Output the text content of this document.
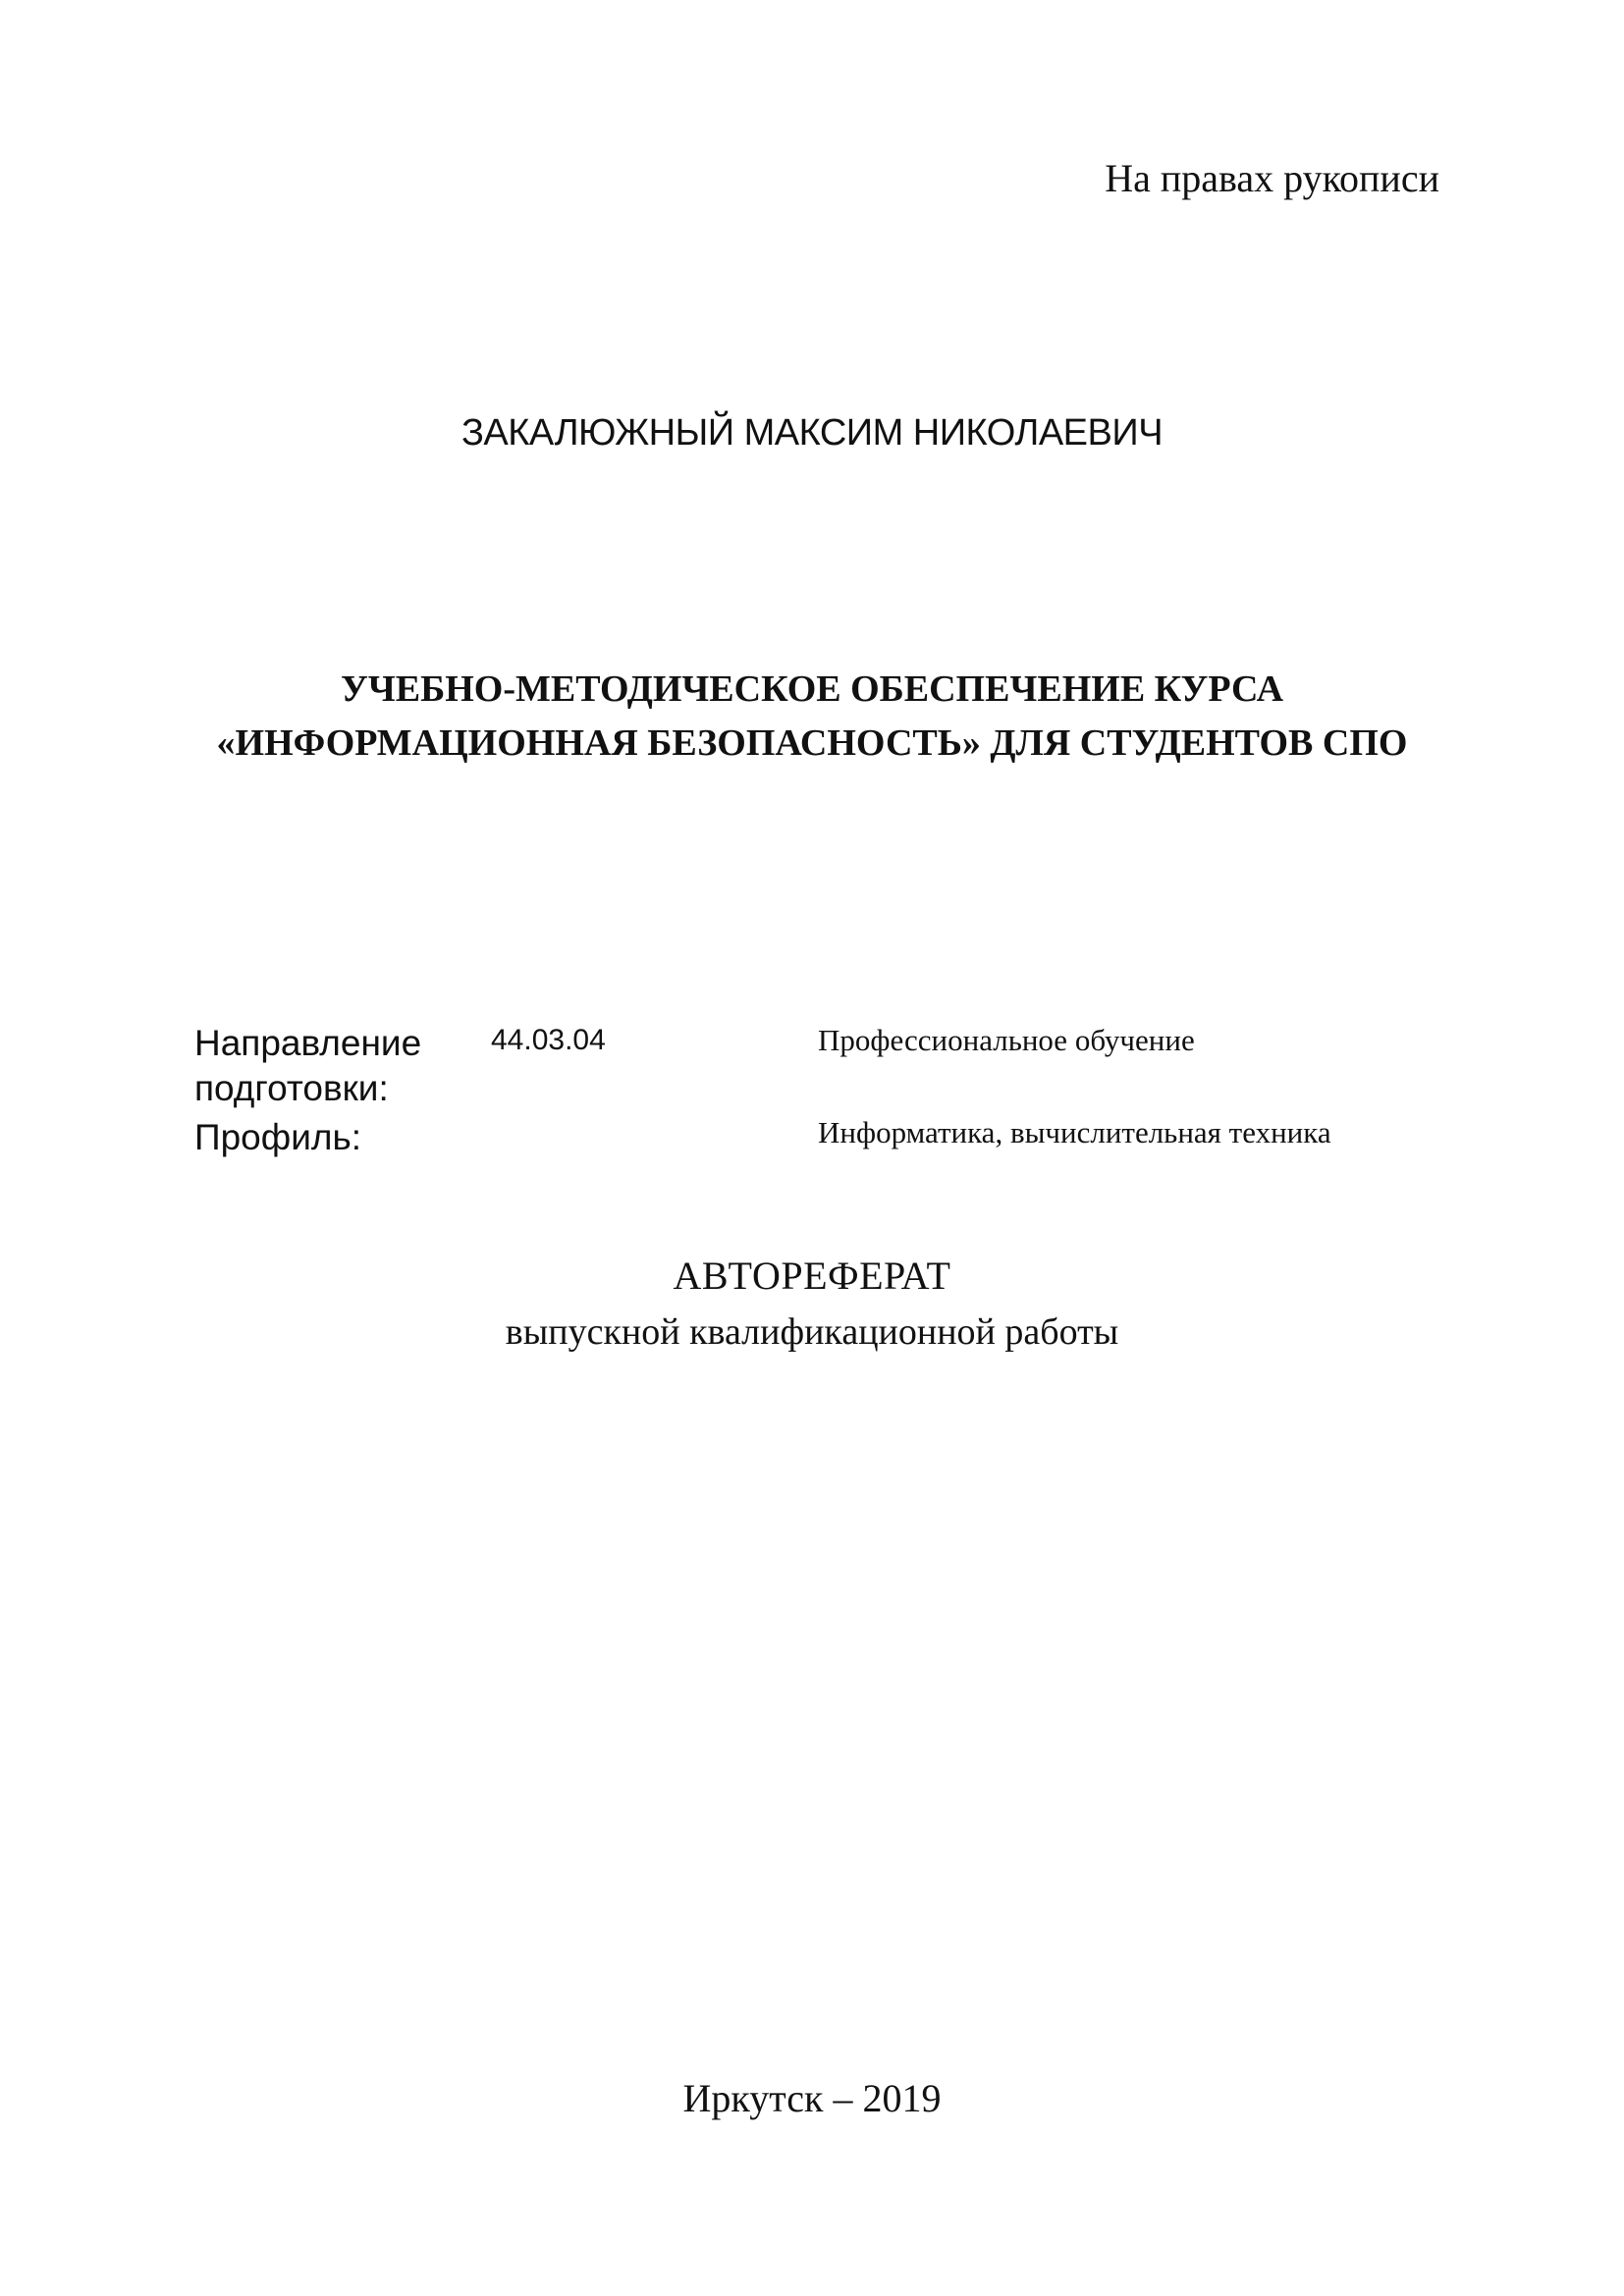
На правах рукописи
ЗАКАЛЮЖНЫЙ МАКСИМ НИКОЛАЕВИЧ
УЧЕБНО-МЕТОДИЧЕСКОЕ ОБЕСПЕЧЕНИЕ КУРСА
«ИНФОРМАЦИОННАЯ БЕЗОПАСНОСТЬ» ДЛЯ СТУДЕНТОВ СПО
Направление
подготовки:
44.03.04	Профессиональное обучение
Профиль:	Информатика, вычислительная техника
АВТОРЕФЕРАТ
выпускной квалификационной работы
Иркутск – 2019
